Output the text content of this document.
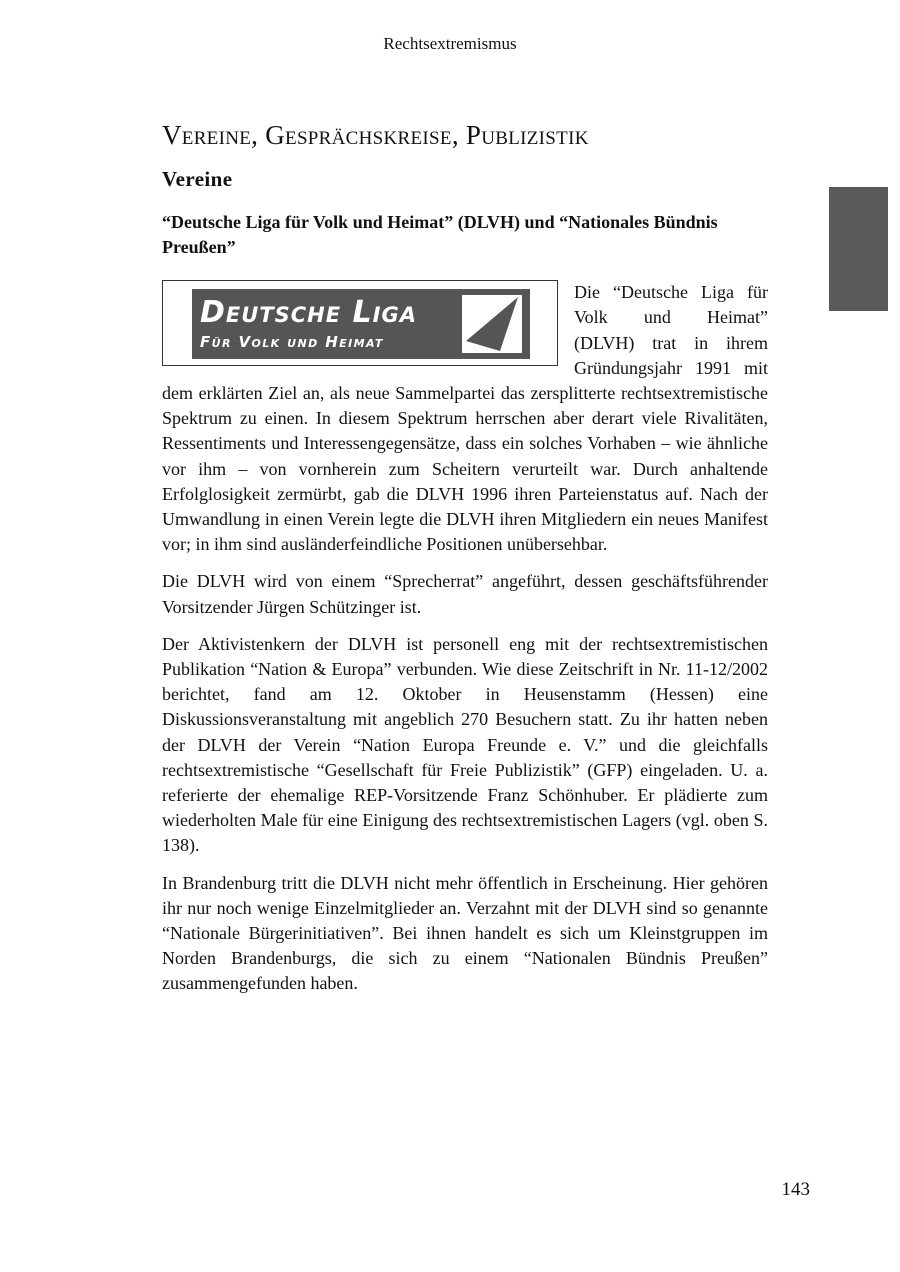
Rechtsextremismus
Vereine, Gesprächskreise, Publizistik
Vereine
“Deutsche Liga für Volk und Heimat” (DLVH) und “Nationales Bündnis Preußen”
Deutsche Liga
Für Volk und Heimat

Die “Deutsche Liga für Volk und Heimat” (DLVH) trat in ihrem Gründungsjahr 1991 mit dem erklärten Ziel an, als neue Sammelpartei das zersplitterte rechtsextremistische Spektrum zu einen. In diesem Spektrum herrschen aber derart viele Rivalitäten, Ressentiments und Interessengegensätze, dass ein solches Vorhaben – wie ähnliche vor ihm – von vornherein zum Scheitern verurteilt war. Durch anhaltende Erfolglosigkeit zermürbt, gab die DLVH 1996 ihren Parteienstatus auf. Nach der Umwandlung in einen Verein legte die DLVH ihren Mitgliedern ein neues Manifest vor; in ihm sind ausländerfeindliche Positionen unübersehbar.

Die DLVH wird von einem “Sprecherrat” angeführt, dessen geschäftsführender Vorsitzender Jürgen Schützinger ist.

Der Aktivistenkern der DLVH ist personell eng mit der rechtsextremistischen Publikation “Nation & Europa” verbunden. Wie diese Zeitschrift in Nr. 11-12/2002 berichtet, fand am 12. Oktober in Heusenstamm (Hessen) eine Diskussionsveranstaltung mit angeblich 270 Besuchern statt. Zu ihr hatten neben der DLVH der Verein “Nation Europa Freunde e. V.” und die gleichfalls rechtsextremistische “Gesellschaft für Freie Publizistik” (GFP) eingeladen. U. a. referierte der ehemalige REP-Vorsitzende Franz Schönhuber. Er plädierte zum wiederholten Male für eine Einigung des rechtsextremistischen Lagers (vgl. oben S. 138).

In Brandenburg tritt die DLVH nicht mehr öffentlich in Erscheinung. Hier gehören ihr nur noch wenige Einzelmitglieder an. Verzahnt mit der DLVH sind so genannte “Nationale Bürgerinitiativen”. Bei ihnen handelt es sich um Kleinstgruppen im Norden Brandenburgs, die sich zu einem “Nationalen Bündnis Preußen” zusammengefunden haben.

143
